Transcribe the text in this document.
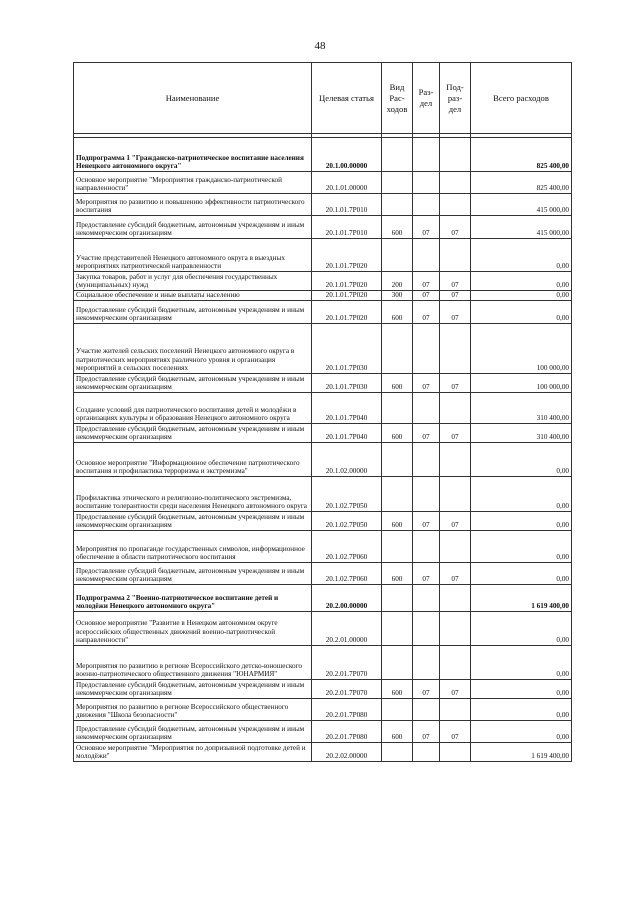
48
Наименование	Целевая статья	Вид Рас- ходов	Раз- дел	Под- раз- дел	Всего расходов

Подпрограмма 1 "Гражданско-патриотическое воспитание населения Ненецкого автономного округа"	20.1.00.00000				825 400,00
Основное мероприятие "Мероприятия гражданско-патриотической направленности"	20.1.01.00000				825 400,00
Мероприятия по развитию и повышению эффективности патриотического воспитания	20.1.01.7Р010				415 000,00
Предоставление субсидий бюджетным, автономным учреждениям и иным некоммерческим организациям	20.1.01.7Р010	600	07	07	415 000,00
Участие представителей Ненецкого автономного округа в выездных мероприятиях патриотической направленности	20.1.01.7Р020				0,00
Закупка товаров, работ и услуг для обеспечения государственных (муниципальных) нужд	20.1.01.7Р020	200	07	07	0,00
Социальное обеспечение и иные выплаты населению	20.1.01.7Р020	300	07	07	0,00
Предоставление субсидий бюджетным, автономным учреждениям и иным некоммерческим организациям	20.1.01.7Р020	600	07	07	0,00
Участие жителей сельских поселений Ненецкого автономного округа в патриотических мероприятиях различного уровня и организация мероприятий в сельских поселениях	20.1.01.7Р030				100 000,00
Предоставление субсидий бюджетным, автономным учреждениям и иным некоммерческим организациям	20.1.01.7Р030	600	07	07	100 000,00
Создание условий для патриотического воспитания детей и молодёжи в организациях культуры и образования Ненецкого автономного округа	20.1.01.7Р040				310 400,00
Предоставление субсидий бюджетным, автономным учреждениям и иным некоммерческим организациям	20.1.01.7Р040	600	07	07	310 400,00
Основное мероприятие "Информационное обеспечение патриотического воспитания и профилактика терроризма и экстремизма"	20.1.02.00000				0,00
Профилактика этнического и религиозно-политического экстремизма, воспитание толерантности среди населения Ненецкого автономного округа	20.1.02.7Р050				0,00
Предоставление субсидий бюджетным, автономным учреждениям и иным некоммерческим организациям	20.1.02.7Р050	600	07	07	0,00
Мероприятия по пропаганде государственных символов, информационное обеспечение в области патриотического воспитания	20.1.02.7Р060				0,00
Предоставление субсидий бюджетным, автономным учреждениям и иным некоммерческим организациям	20.1.02.7Р060	600	07	07	0,00
Подпрограмма 2 "Военно-патриотическое воспитание детей и молодёжи Ненецкого автономного округа"	20.2.00.00000				1 619 400,00
Основное мероприятие "Развитие в Ненецком автономном округе всероссийских общественных движений военно-патриотической направленности"	20.2.01.00000				0,00
Мероприятия по развитию в регионе Всероссийского детско-юношеского военно-патриотического общественного движения "ЮНАРМИЯ"	20.2.01.7Р070				0,00
Предоставление субсидий бюджетным, автономным учреждениям и иным некоммерческим организациям	20.2.01.7Р070	600	07	07	0,00
Мероприятия по развитию в регионе Всероссийского общественного движения "Школа безопасности"	20.2.01.7Р080				0,00
Предоставление субсидий бюджетным, автономным учреждениям и иным некоммерческим организациям	20.2.01.7Р080	600	07	07	0,00
Основное мероприятие "Мероприятия по допризывной подготовке детей и молодёжи"	20.2.02.00000				1 619 400,00
